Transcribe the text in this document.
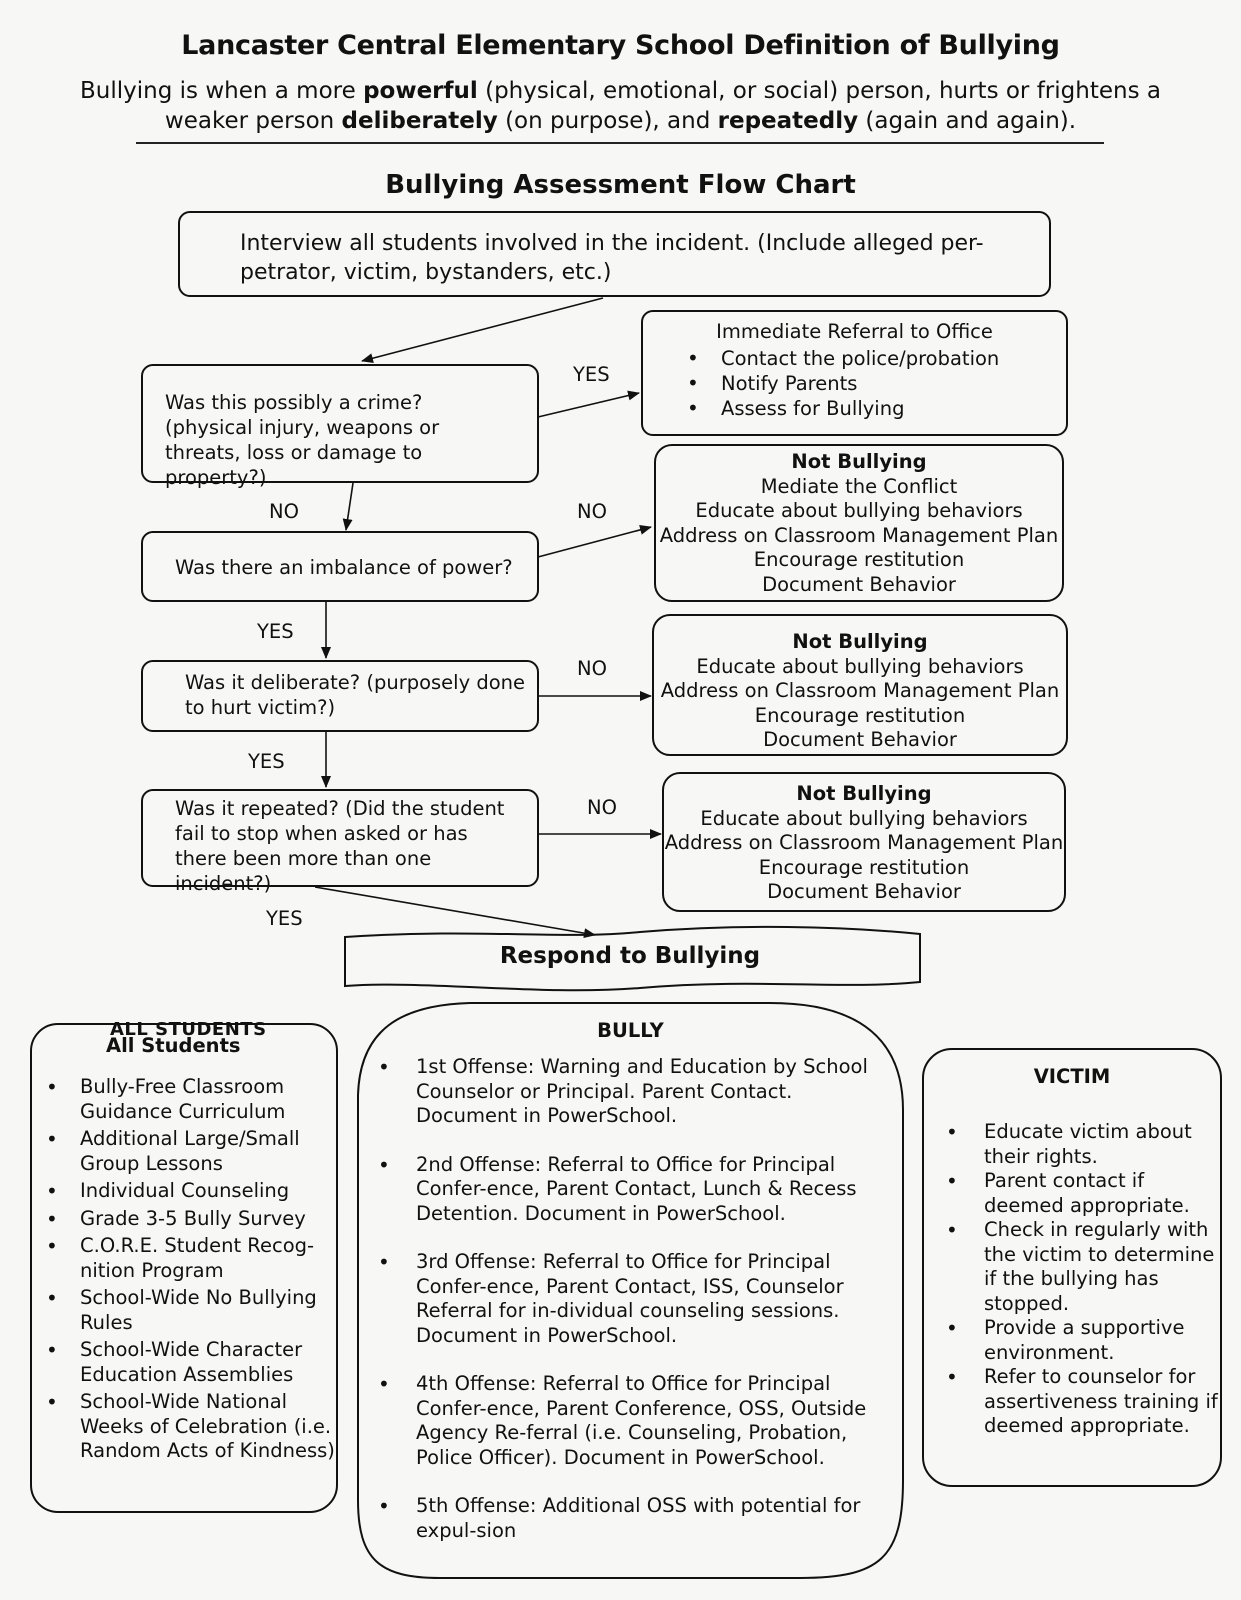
Lancaster Central Elementary School Definition of Bullying
Bullying is when a more powerful (physical, emotional, or social) person, hurts or frightens a weaker person deliberately (on purpose), and repeatedly (again and again).
Bullying Assessment Flow Chart
Interview all students involved in the incident. (Include alleged per-petrator, victim, bystanders, etc.)
Was this possibly a crime? (physical injury, weapons or threats, loss or damage to property?)
Was there an imbalance of power?
Was it deliberate? (purposely done to hurt victim?)
Was it repeated? (Did the student fail to stop when asked or has there been more than one incident?)
YES
NO	NO
YES
NO
YES
NO
YES
Immediate Referral to Office
• Contact the police/probation
• Notify Parents
• Assess for Bullying
Not Bullying
Mediate the Conflict
Educate about bullying behaviors
Address on Classroom Management Plan
Encourage restitution
Document Behavior
Not Bullying
Educate about bullying behaviors
Address on Classroom Management Plan
Encourage restitution
Document Behavior
Not Bullying
Educate about bullying behaviors
Address on Classroom Management Plan
Encourage restitution
Document Behavior
Respond to Bullying
ALL STUDENTS
All Students
• Bully-Free Classroom Guidance Curriculum
• Additional Large/Small Group Lessons
• Individual Counseling
• Grade 3-5 Bully Survey
• C.O.R.E. Student Recog-nition Program
• School-Wide No Bullying Rules
• School-Wide Character Education Assemblies
• School-Wide National Weeks of Celebration (i.e. Random Acts of Kindness)
BULLY
• 1st Offense: Warning and Education by School Counselor or Principal. Parent Contact. Document in PowerSchool.
• 2nd Offense: Referral to Office for Principal Confer-ence, Parent Contact, Lunch & Recess Detention. Document in PowerSchool.
• 3rd Offense: Referral to Office for Principal Confer-ence, Parent Contact, ISS, Counselor Referral for in-dividual counseling sessions. Document in PowerSchool.
• 4th Offense: Referral to Office for Principal Confer-ence, Parent Conference, OSS, Outside Agency Re-ferral (i.e. Counseling, Probation, Police Officer). Document in PowerSchool.
• 5th Offense: Additional OSS with potential for expul-sion
VICTIM
• Educate victim about their rights.
• Parent contact if deemed appropriate.
• Check in regularly with the victim to determine if the bullying has stopped.
• Provide a supportive environment.
• Refer to counselor for assertiveness training if deemed appropriate.
